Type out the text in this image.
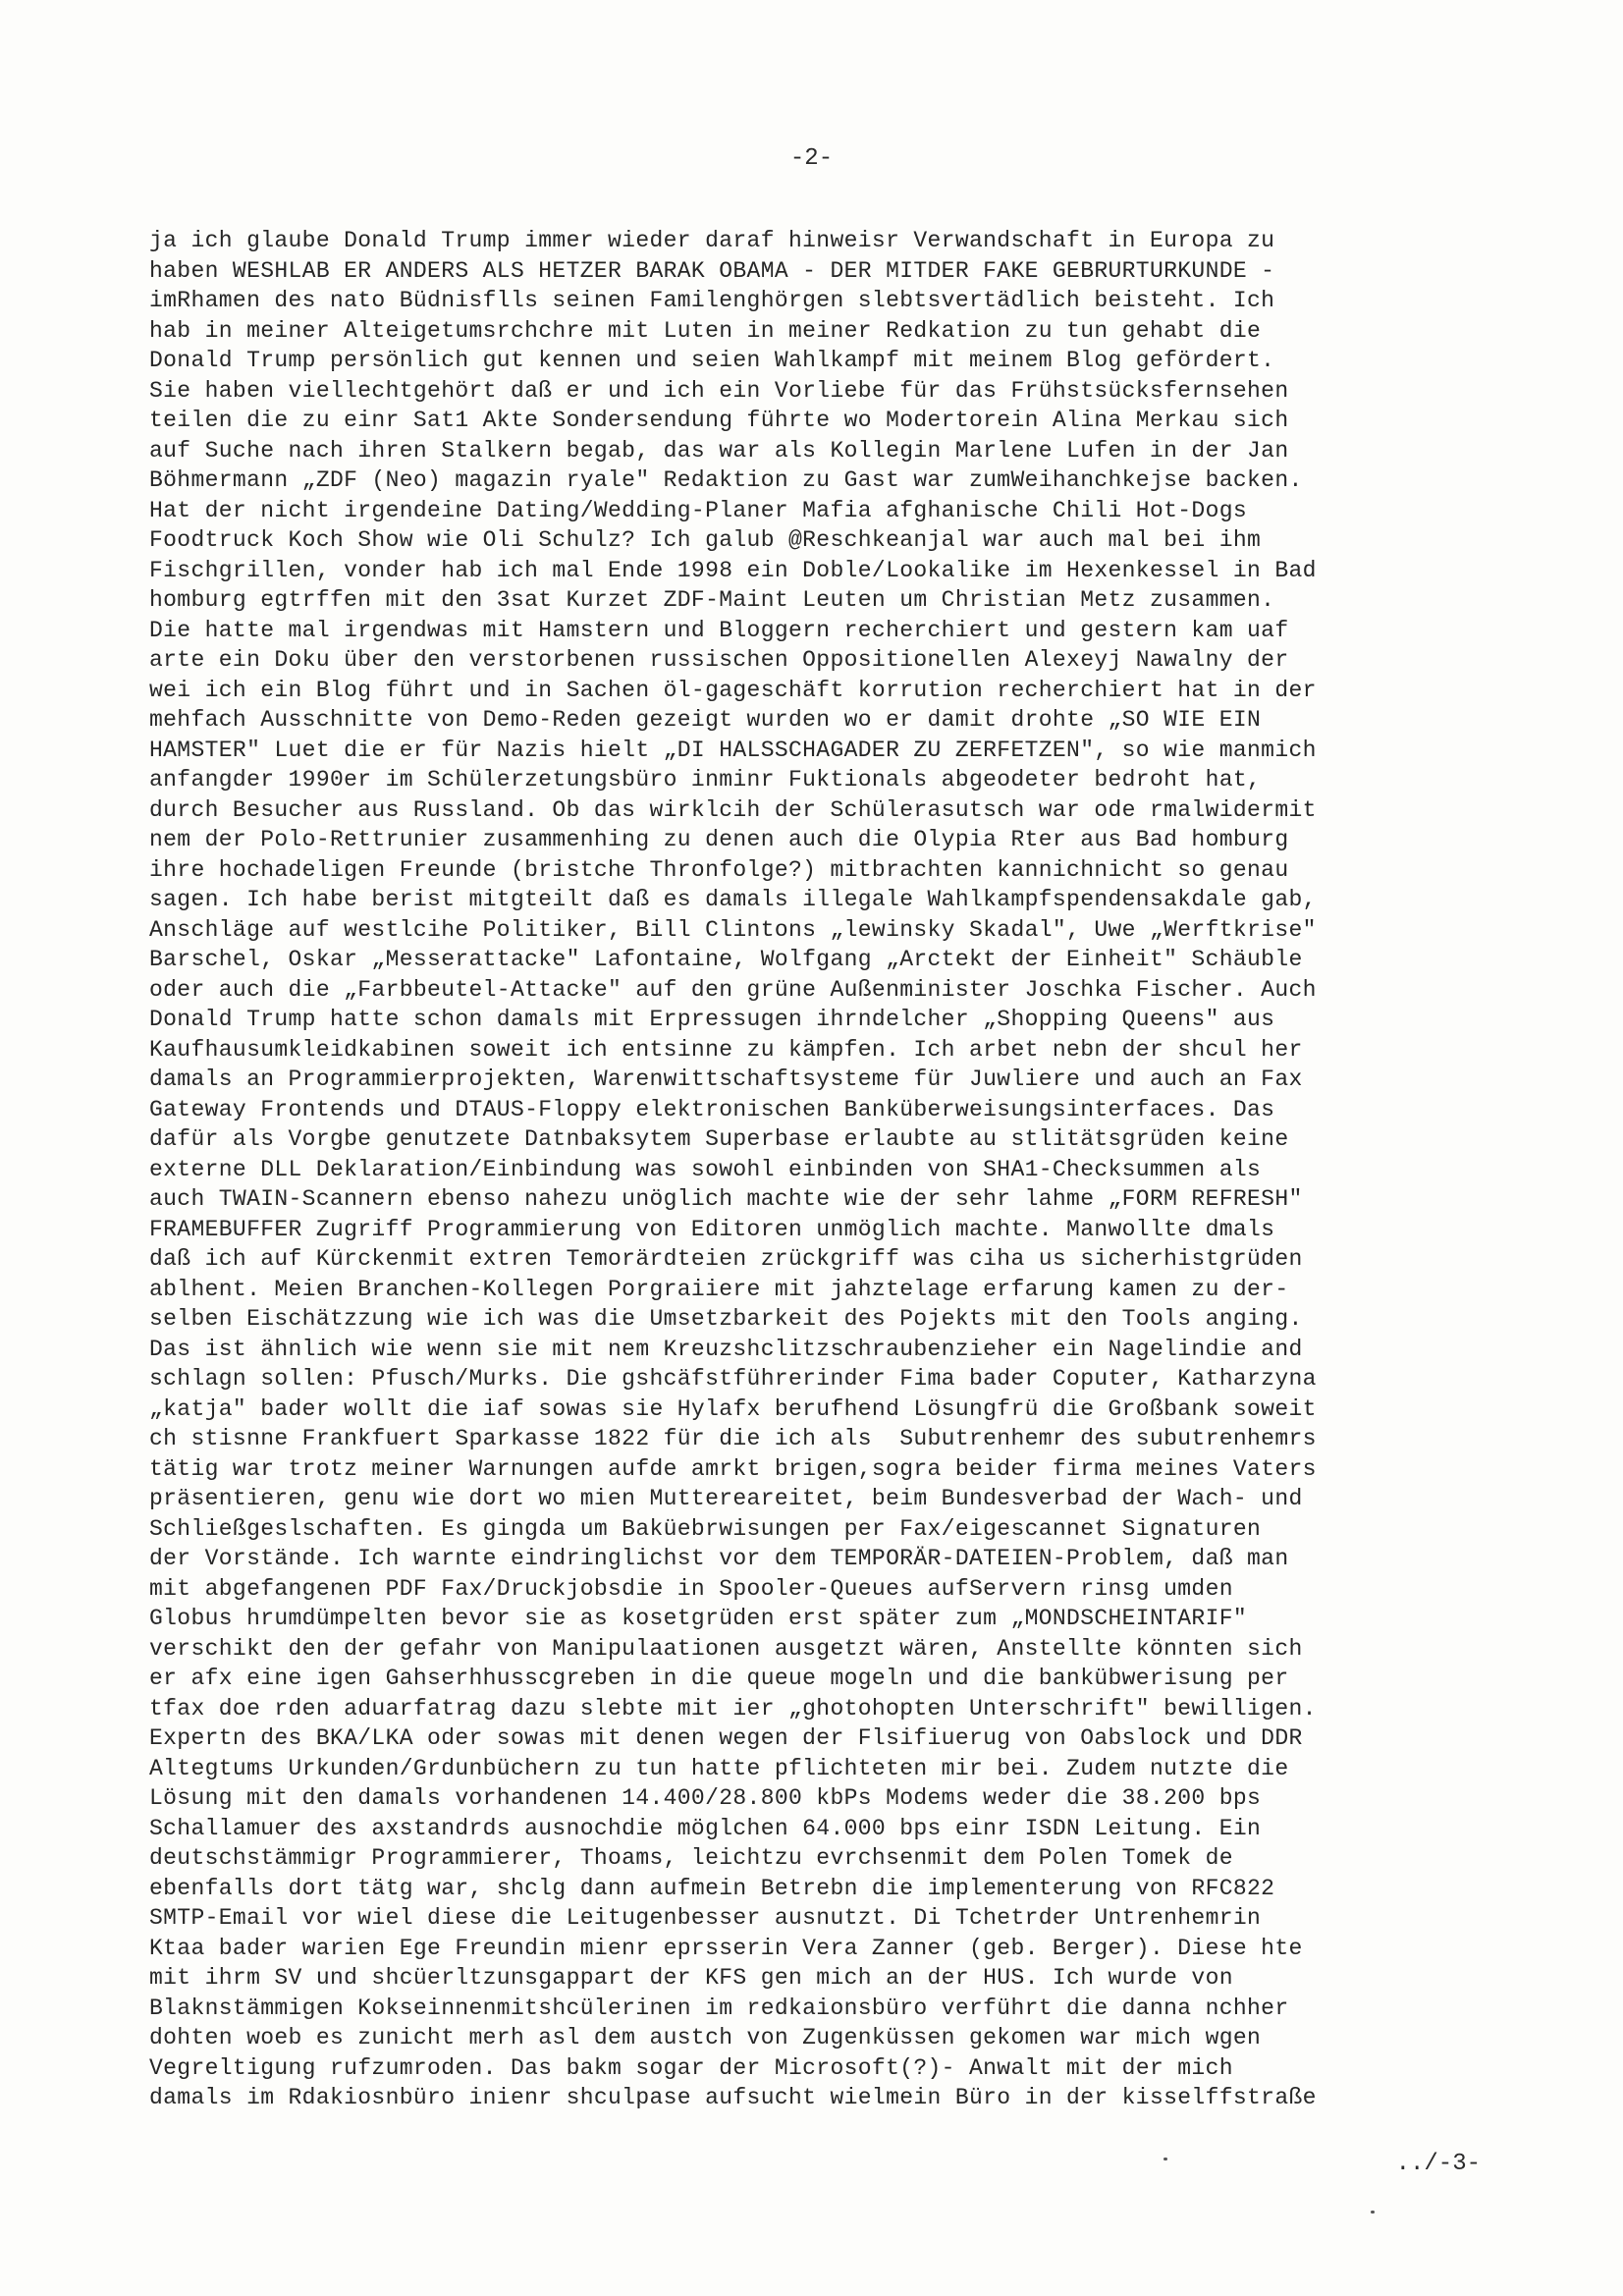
-2-
ja ich glaube Donald Trump immer wieder daraf hinweisr Verwandschaft in Europa zu
haben WESHLAB ER ANDERS ALS HETZER BARAK OBAMA - DER MITDER FAKE GEBRURTURKUNDE -
imRhamen des nato Büdnisflls seinen Familenghörgen slebtsvertädlich beisteht. Ich
hab in meiner Alteigetumsrchchre mit Luten in meiner Redkation zu tun gehabt die
Donald Trump persönlich gut kennen und seien Wahlkampf mit meinem Blog gefördert.
Sie haben viellechtgehört daß er und ich ein Vorliebe für das Frühstsücksfernsehen
teilen die zu einr Sat1 Akte Sondersendung führte wo Modertorein Alina Merkau sich
auf Suche nach ihren Stalkern begab, das war als Kollegin Marlene Lufen in der Jan
Böhmermann „ZDF (Neo) magazin ryale" Redaktion zu Gast war zumWeihanchkejse backen.
Hat der nicht irgendeine Dating/Wedding-Planer Mafia afghanische Chili Hot-Dogs
Foodtruck Koch Show wie Oli Schulz? Ich galub @Reschkeanjal war auch mal bei ihm
Fischgrillen, vonder hab ich mal Ende 1998 ein Doble/Lookalike im Hexenkessel in Bad
homburg egtrffen mit den 3sat Kurzet ZDF-Maint Leuten um Christian Metz zusammen.
Die hatte mal irgendwas mit Hamstern und Bloggern recherchiert und gestern kam uaf
arte ein Doku über den verstorbenen russischen Oppositionellen Alexeyj Nawalny der
wei ich ein Blog führt und in Sachen öl-gageschäft korrution recherchiert hat in der
mehfach Ausschnitte von Demo-Reden gezeigt wurden wo er damit drohte „SO WIE EIN
HAMSTER" Luet die er für Nazis hielt „DI HALSSCHAGADER ZU ZERFETZEN", so wie manmich
anfangder 1990er im Schülerzetungsbüro inminr Fuktionals abgeodeter bedroht hat,
durch Besucher aus Russland. Ob das wirklcih der Schülerasutsch war ode rmalwidermit
nem der Polo-Rettrunier zusammenhing zu denen auch die Olypia Rter aus Bad homburg
ihre hochadeligen Freunde (bristche Thronfolge?) mitbrachten kannichnicht so genau
sagen. Ich habe berist mitgteilt daß es damals illegale Wahlkampfspendensakdale gab,
Anschläge auf westlcihe Politiker, Bill Clintons „lewinsky Skadal", Uwe „Werftkrise"
Barschel, Oskar „Messerattacke" Lafontaine, Wolfgang „Arctekt der Einheit" Schäuble
oder auch die „Farbbeutel-Attacke" auf den grüne Außenminister Joschka Fischer. Auch
Donald Trump hatte schon damals mit Erpressugen ihrndelcher „Shopping Queens" aus
Kaufhausumkleidkabinen soweit ich entsinne zu kämpfen. Ich arbet nebn der shcul her
damals an Programmierprojekten, Warenwittschaftsysteme für Juwliere und auch an Fax
Gateway Frontends und DTAUS-Floppy elektronischen Banküberweisungsinterfaces. Das
dafür als Vorgbe genutzete Datnbaksytem Superbase erlaubte au stlitätsgrüden keine
externe DLL Deklaration/Einbindung was sowohl einbinden von SHA1-Checksummen als
auch TWAIN-Scannern ebenso nahezu unöglich machte wie der sehr lahme „FORM REFRESH"
FRAMEBUFFER Zugriff Programmierung von Editoren unmöglich machte. Manwollte dmals
daß ich auf Kürckenmit extren Temorärdteien zrückgriff was ciha us sicherhistgrüden
ablhent. Meien Branchen-Kollegen Porgraiiere mit jahztelage erfarung kamen zu der-
selben Eischätzzung wie ich was die Umsetzbarkeit des Pojekts mit den Tools anging.
Das ist ähnlich wie wenn sie mit nem Kreuzshclitzschraubenzieher ein Nagelindie and
schlagn sollen: Pfusch/Murks. Die gshcäfstführerinder Fima bader Coputer, Katharzyna
„katja" bader wollt die iaf sowas sie Hylafx berufhend Lösungfrü die Großbank soweit
ch stisnne Frankfuert Sparkasse 1822 für die ich als  Subutrenhemr des subutrenhemrs
tätig war trotz meiner Warnungen aufde amrkt brigen,sogra beider firma meines Vaters
präsentieren, genu wie dort wo mien Muttereareitet, beim Bundesverbad der Wach- und
Schließgeslschaften. Es gingda um Baküebrwisungen per Fax/eigescannet Signaturen
der Vorstände. Ich warnte eindringlichst vor dem TEMPORÄR-DATEIEN-Problem, daß man
mit abgefangenen PDF Fax/Druckjobsdie in Spooler-Queues aufServern rinsg umden
Globus hrumdümpelten bevor sie as kosetgrüden erst später zum „MONDSCHEINTARIF"
verschikt den der gefahr von Manipulaationen ausgetzt wären, Anstellte könnten sich
er afx eine igen Gahserhhusscgreben in die queue mogeln und die bankübwerisung per
tfax doe rden aduarfatrag dazu slebte mit ier „ghotohopten Unterschrift" bewilligen.
Expertn des BKA/LKA oder sowas mit denen wegen der Flsifiuerug von Oabslock und DDR
Altegtums Urkunden/Grdunbüchern zu tun hatte pflichteten mir bei. Zudem nutzte die
Lösung mit den damals vorhandenen 14.400/28.800 kbPs Modems weder die 38.200 bps
Schallamuer des axstandrds ausnochdie möglchen 64.000 bps einr ISDN Leitung. Ein
deutschstämmigr Programmierer, Thoams, leichtzu evrchsenmit dem Polen Tomek de
ebenfalls dort tätg war, shclg dann aufmein Betrebn die implementerung von RFC822
SMTP-Email vor wiel diese die Leitugenbesser ausnutzt. Di Tchetrder Untrenhemrin
Ktaa bader warien Ege Freundin mienr eprsserin Vera Zanner (geb. Berger). Diese hte
mit ihrm SV und shcüerltzunsgappart der KFS gen mich an der HUS. Ich wurde von
Blaknstämmigen Kokseinnenmitshcülerinen im redkaionsbüro verführt die danna nchher
dohten woeb es zunicht merh asl dem austch von Zugenküssen gekomen war mich wgen
Vegreltigung rufzumroden. Das bakm sogar der Microsoft(?)- Anwalt mit der mich
damals im Rdakiosnbüro inienr shculpase aufsucht wielmein Büro in der kisselffstraße
../-3-
